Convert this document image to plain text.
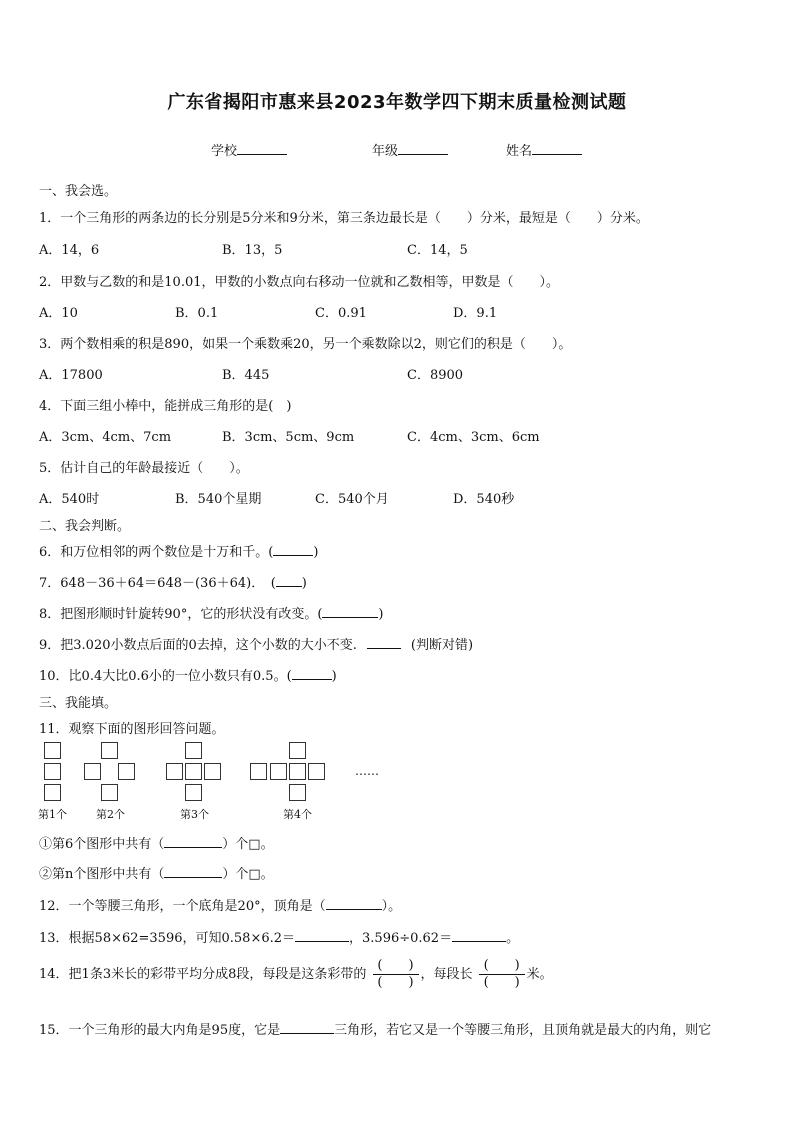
广东省揭阳市惠来县2023年数学四下期末质量检测试题
学校	年级	姓名
一、我会选。
1．一个三角形的两条边的长分别是5分米和9分米，第三条边最长是（　　）分米，最短是（　　）分米。
A．14，6	B．13，5	C．14，5
2．甲数与乙数的和是10.01，甲数的小数点向右移动一位就和乙数相等，甲数是（　　）。
A．10	B．0.1	C．0.91	D．9.1
3．两个数相乘的积是890，如果一个乘数乘20，另一个乘数除以2，则它们的积是（　　）。
A．17800	B．445	C．8900
4．下面三组小棒中，能拼成三角形的是(　)
A．3cm、4cm、7cm	B．3cm、5cm、9cm	C．4cm、3cm、6cm
5．估计自己的年龄最接近（　　）。
A．540时	B．540个星期	C．540个月	D．540秒
二、我会判断。
6．和万位相邻的两个数位是十万和千。(	)
7．648－36＋64＝648－(36＋64)．　( )
8．把图形顺时针旋转90°，它的形状没有改变。(	)
9．把3.020小数点后面的0去掉，这个小数的大小不变.	(判断对错)
10．比0.4大比0.6小的一位小数只有0.5。(	)
三、我能填。
11．观察下面的图形回答问题。
……
第1个	第2个	第3个	第4个
①第6个图形中共有（	）个□。
②第n个图形中共有（	）个□。
12．一个等腰三角形，一个底角是20°，顶角是（	）。
13．根据58×62=3596，可知0.58×6.2＝	，3.596÷0.62＝	。
14．把1条3米长的彩带平均分成8段，每段是这条彩带的 $\frac{( )}{( )}$ ，每段长 $\frac{( )}{( )}$ 米。
15．一个三角形的最大内角是95度，它是	三角形，若它又是一个等腰三角形，且顶角就是最大的内角，则它
